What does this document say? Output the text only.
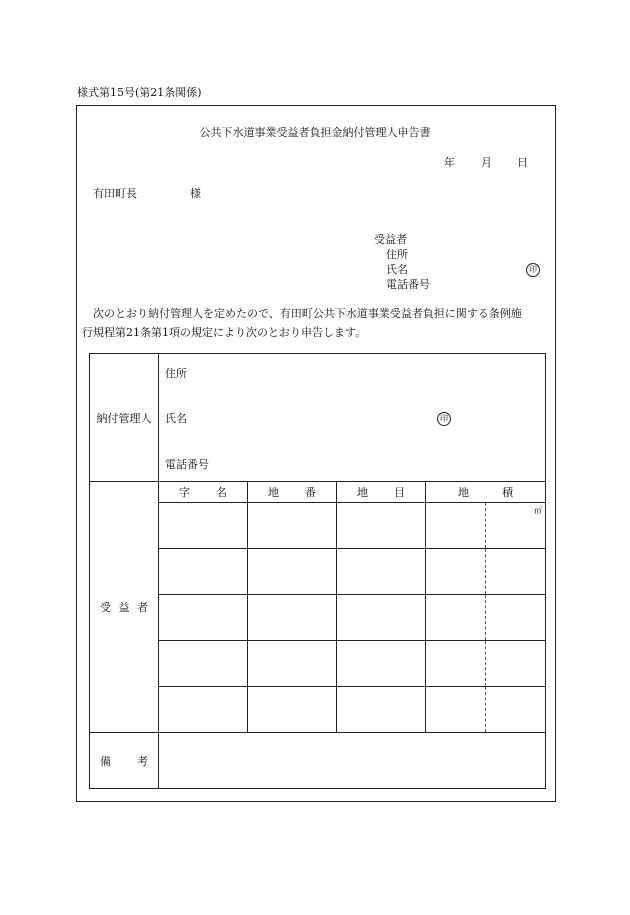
様式第15号(第21条関係)
公共下水道事業受益者負担金納付管理人申告書
年 月 日
有田町長	様
受益者
住所
氏名	印
電話番号
次のとおり納付管理人を定めたので、有田町公共下水道事業受益者負担に関する条例施
行規程第21条第1項の規定により次のとおり申告します。
納付管理人	住所
氏名 印
電話番号				

受 益 者	字 名	地 番	地 目	地 積	

					㎡

備 考					
